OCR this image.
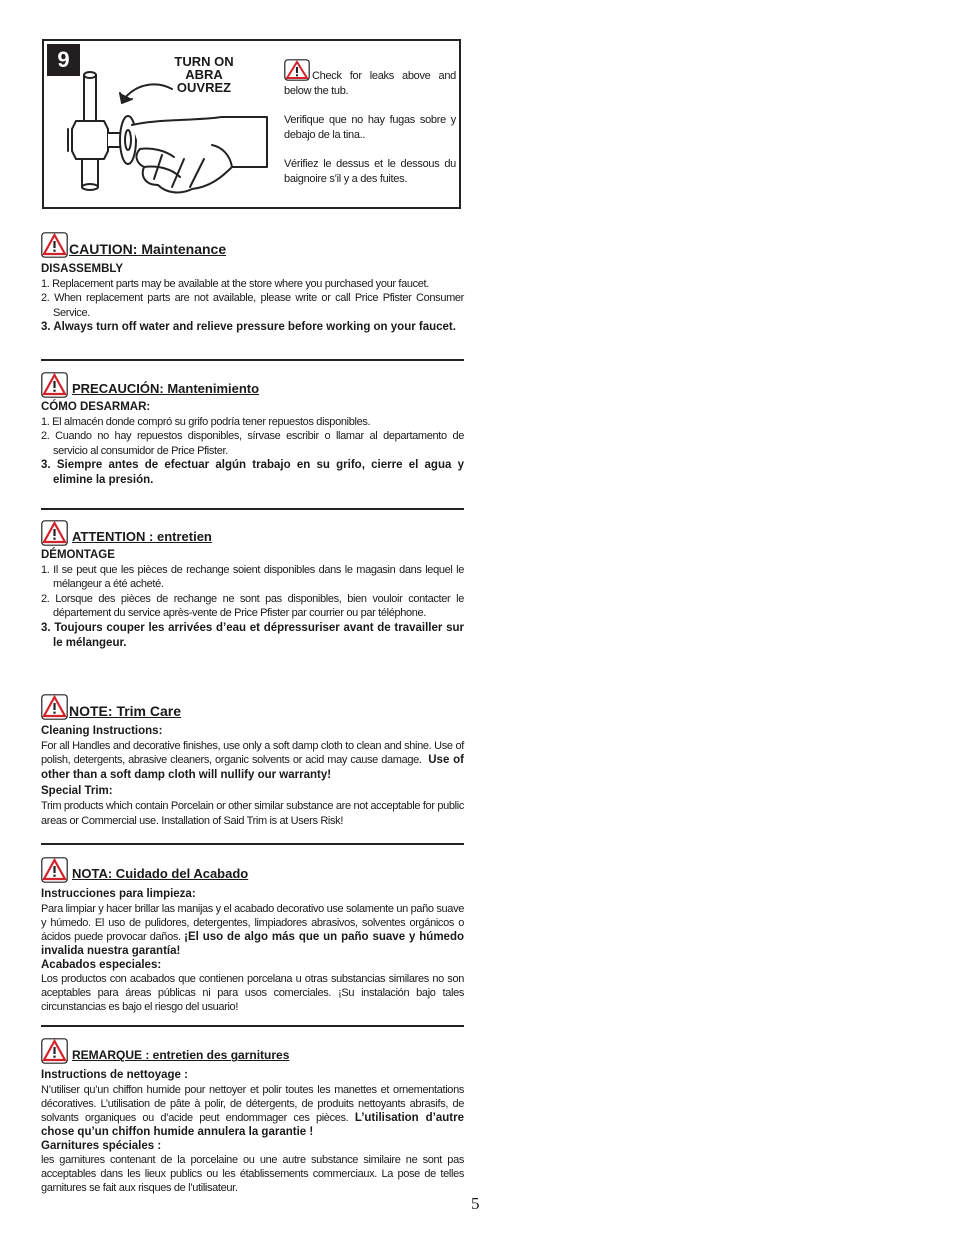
9	TURN ON
ABRA
OUVREZ

Check for leaks above and below the tub.

Verifique que no hay fugas sobre y debajo de la tina..

Vérifiez le dessus et le dessous du baignoire s’il y a des fuites.

CAUTION: Maintenance
DISASSEMBLY
1. Replacement parts may be available at the store where you purchased your faucet.
2. When replacement parts are not available, please write or call Price Pfister Consumer Service.
3. Always turn off water and relieve pressure before working on your faucet.
PRECAUCIÓN: Mantenimiento
CÓMO DESARMAR:
1. El almacén donde compró su grifo podría tener repuestos disponibles.
2. Cuando no hay repuestos disponibles, sírvase escribir o llamar al departamento de servicio al consumidor de Price Pfister.
3. Siempre antes de efectuar algún trabajo en su grifo, cierre el agua y elimine la presión.
ATTENTION : entretien
DÉMONTAGE
1. Il se peut que les pièces de rechange soient disponibles dans le magasin dans lequel le mélangeur a été acheté.
2. Lorsque des pièces de rechange ne sont pas disponibles, bien vouloir contacter le département du service après-vente de Price Pfister par courrier ou par téléphone.
3. Toujours couper les arrivées d’eau et dépressuriser avant de travailler sur le mélangeur.
NOTE: Trim Care
Cleaning Instructions:
For all Handles and decorative finishes, use only a soft damp cloth to clean and shine. Use of polish, detergents, abrasive cleaners, organic solvents or acid may cause damage. Use of other than a soft damp cloth will nullify our warranty!
Special Trim:
Trim products which contain Porcelain or other similar substance are not acceptable for public areas or Commercial use. Installation of Said Trim is at Users Risk!
NOTA: Cuidado del Acabado
Instrucciones para limpieza:
Para limpiar y hacer brillar las manijas y el acabado decorativo use solamente un paño suave y húmedo. El uso de pulidores, detergentes, limpiadores abrasivos, solventes orgánicos o ácidos puede provocar daños. ¡El uso de algo más que un paño suave y húmedo invalida nuestra garantía!
Acabados especiales:
Los productos con acabados que contienen porcelana u otras substancias similares no son aceptables para áreas públicas ni para usos comerciales. ¡Su instalación bajo tales circunstancias es bajo el riesgo del usuario!
REMARQUE : entretien des garnitures
Instructions de nettoyage :
N’utiliser qu’un chiffon humide pour nettoyer et polir toutes les manettes et ornementations décoratives. L’utilisation de pâte à polir, de détergents, de produits nettoyants abrasifs, de solvants organiques ou d’acide peut endommager ces pièces. L’utilisation d’autre chose qu’un chiffon humide annulera la garantie !
Garnitures spéciales :
les garnitures contenant de la porcelaine ou une autre substance similaire ne sont pas acceptables dans les lieux publics ou les établissements commerciaux. La pose de telles garnitures se fait aux risques de l’utilisateur.
5
